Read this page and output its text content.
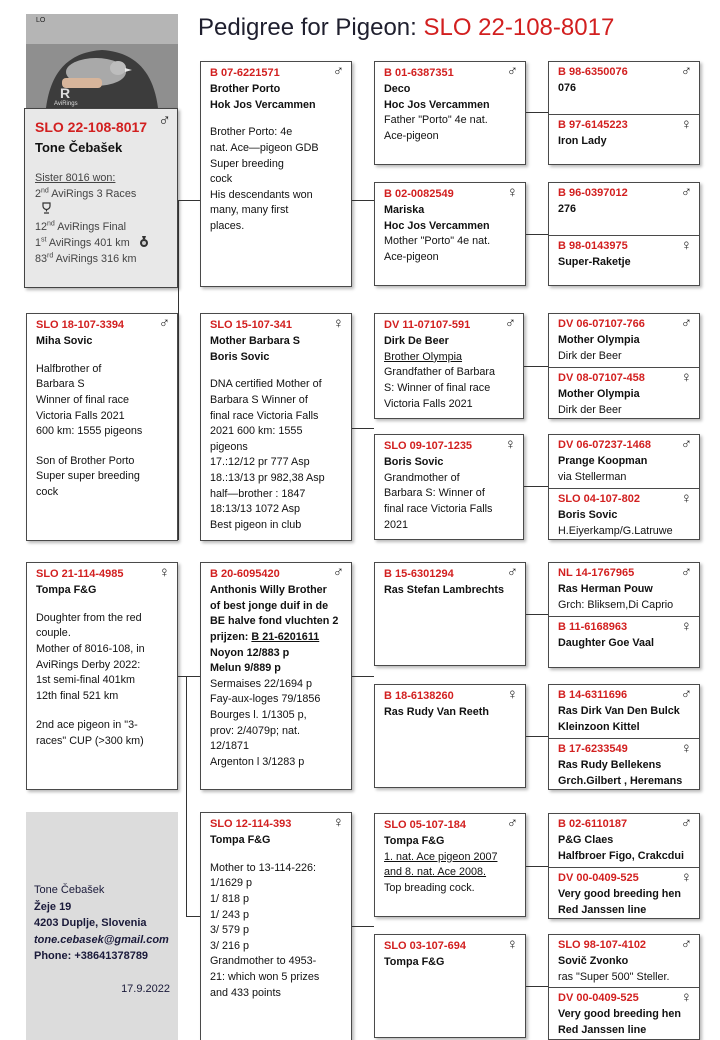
Pedigree for Pigeon: SLO 22-108-8017
LO
R
AviRings
♂
SLO 22-108-8017
Tone Čebašek
Sister 8016 won:
2nd AviRings 3 Races
12nd AviRings Final
1st AviRings 401 km
83rd AviRings 316 km
♂
SLO 18-107-3394
Miha Sovic
Halfbrother of
Barbara S
Winner of final race
Victoria Falls 2021
600 km: 1555 pigeons
Son of Brother Porto
Super super breeding
cock
♀
SLO 21-114-4985
Tompa F&G
Doughter from the red
couple.
Mother of 8016-108, in
AviRings Derby 2022:
1st semi-final 401km
12th final 521 km
2nd ace pigeon in "3-
races" CUP (>300 km)
Tone Čebašek
Žeje 19
4203 Duplje, Slovenia
tone.cebasek@gmail.com
Phone: +38641378789
17.9.2022
♂
B 07-6221571
Brother Porto
Hok Jos Vercammen
Brother Porto: 4e
nat. Ace—pigeon GDB
Super breeding
cock
His descendants won
many, many first
places.
♀
SLO 15-107-341
Mother Barbara S
Boris Sovic
DNA certified Mother of
Barbara S Winner of
final race Victoria Falls
2021 600 km: 1555
pigeons
17.:12/12 pr 777 Asp
18.:13/13 pr 982,38 Asp
half—brother : 1847
18:13/13 1072 Asp
Best pigeon in club
♂
B 20-6095420
Anthonis Willy Brother
of best jonge duif in de
BE halve fond vluchten 2
prijzen: B 21-6201611
Noyon 12/883 p
Melun 9/889 p
Sermaises 22/1694 p
Fay-aux-loges 79/1856
Bourges l. 1/1305 p,
prov: 2/4079p; nat.
12/1871
Argenton l 3/1283 p
♀
SLO 12-114-393
Tompa F&G
Mother to 13-114-226:
1/1629 p
1/ 818 p
1/ 243 p
3/ 579 p
3/ 216 p
Grandmother to 4953-
21: which won 5 prizes
and 433 points
♂
B 01-6387351
Deco
Hoc Jos Vercammen
Father "Porto" 4e nat.
Ace-pigeon
♀
B 02-0082549
Mariska
Hoc Jos Vercammen
Mother "Porto" 4e nat.
Ace-pigeon
♂
DV 11-07107-591
Dirk De Beer
Brother Olympia
Grandfather of Barbara
S: Winner of final race
Victoria Falls 2021
♀
SLO 09-107-1235
Boris Sovic
Grandmother of
Barbara S: Winner of
final race Victoria Falls
2021
♂
B 15-6301294
Ras Stefan Lambrechts
♀
B 18-6138260
Ras Rudy Van Reeth
♂
SLO 05-107-184
Tompa F&G
1. nat. Ace pigeon 2007
and 8. nat. Ace 2008.
Top breading cock.
♀
SLO 03-107-694
Tompa F&G
♂
B 98-6350076
076
♀
B 97-6145223
Iron Lady
♂
B 96-0397012
276
♀
B 98-0143975
Super-Raketje
♂
DV 06-07107-766
Mother Olympia
Dirk der Beer
♀
DV 08-07107-458
Mother Olympia
Dirk der Beer
♂
DV 06-07237-1468
Prange Koopman
via Stellerman
♀
SLO 04-107-802
Boris Sovic
H.Eiyerkamp/G.Latruwe
♂
NL 14-1767965
Ras Herman Pouw
Grch: Bliksem,Di Caprio
♀
B 11-6168963
Daughter Goe Vaal
♂
B 14-6311696
Ras Dirk Van Den Bulck
Kleinzoon Kittel
♀
B 17-6233549
Ras Rudy Bellekens
Grch.Gilbert , Heremans
♂
B 02-6110187
P&G Claes
Halfbroer Figo, Crakcdui
♀
DV 00-0409-525
Very good breeding hen
Red Janssen line
♂
SLO 98-107-4102
Sovič Zvonko
ras "Super 500" Steller.
♀
DV 00-0409-525
Very good breeding hen
Red Janssen line
